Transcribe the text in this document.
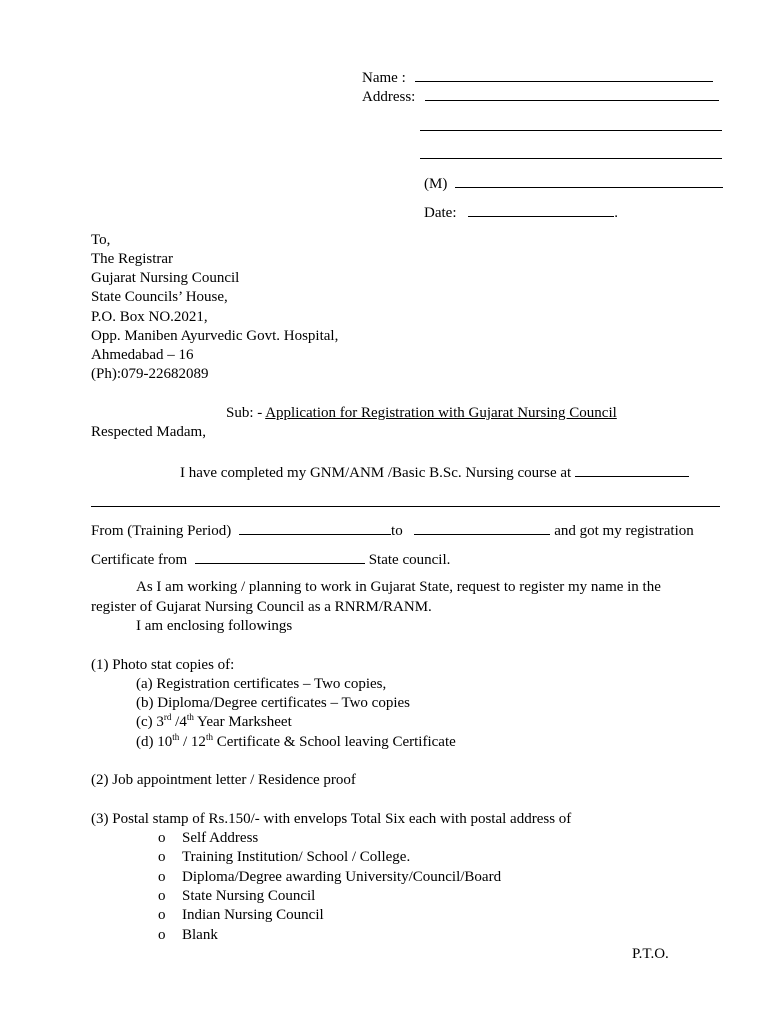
Name :
Address:
(M)
Date:	.
To,
The Registrar
Gujarat Nursing Council
State Councils’ House,
P.O. Box NO.2021,
Opp. Maniben Ayurvedic Govt. Hospital,
Ahmedabad – 16
(Ph):079-22682089
Sub: - Application for Registration with Gujarat Nursing Council
Respected Madam,
I have completed my GNM/ANM /Basic B.Sc. Nursing course at
From (Training Period)	to	and got my registration
Certificate from	State council.
As I am working / planning to work in Gujarat State, request to register my name in the
register of Gujarat Nursing Council as a RNRM/RANM.
I am enclosing followings
(1) Photo stat copies of:
(a) Registration certificates – Two copies,
(b) Diploma/Degree certificates – Two copies
(c) 3rd /4th Year Marksheet
(d) 10th / 12th Certificate & School leaving Certificate
(2) Job appointment letter / Residence proof
(3) Postal stamp of Rs.150/- with envelops Total Six each with postal address of
o Self Address
o Training Institution/ School / College.
o Diploma/Degree awarding University/Council/Board
o State Nursing Council
o Indian Nursing Council
o Blank
P.T.O.
